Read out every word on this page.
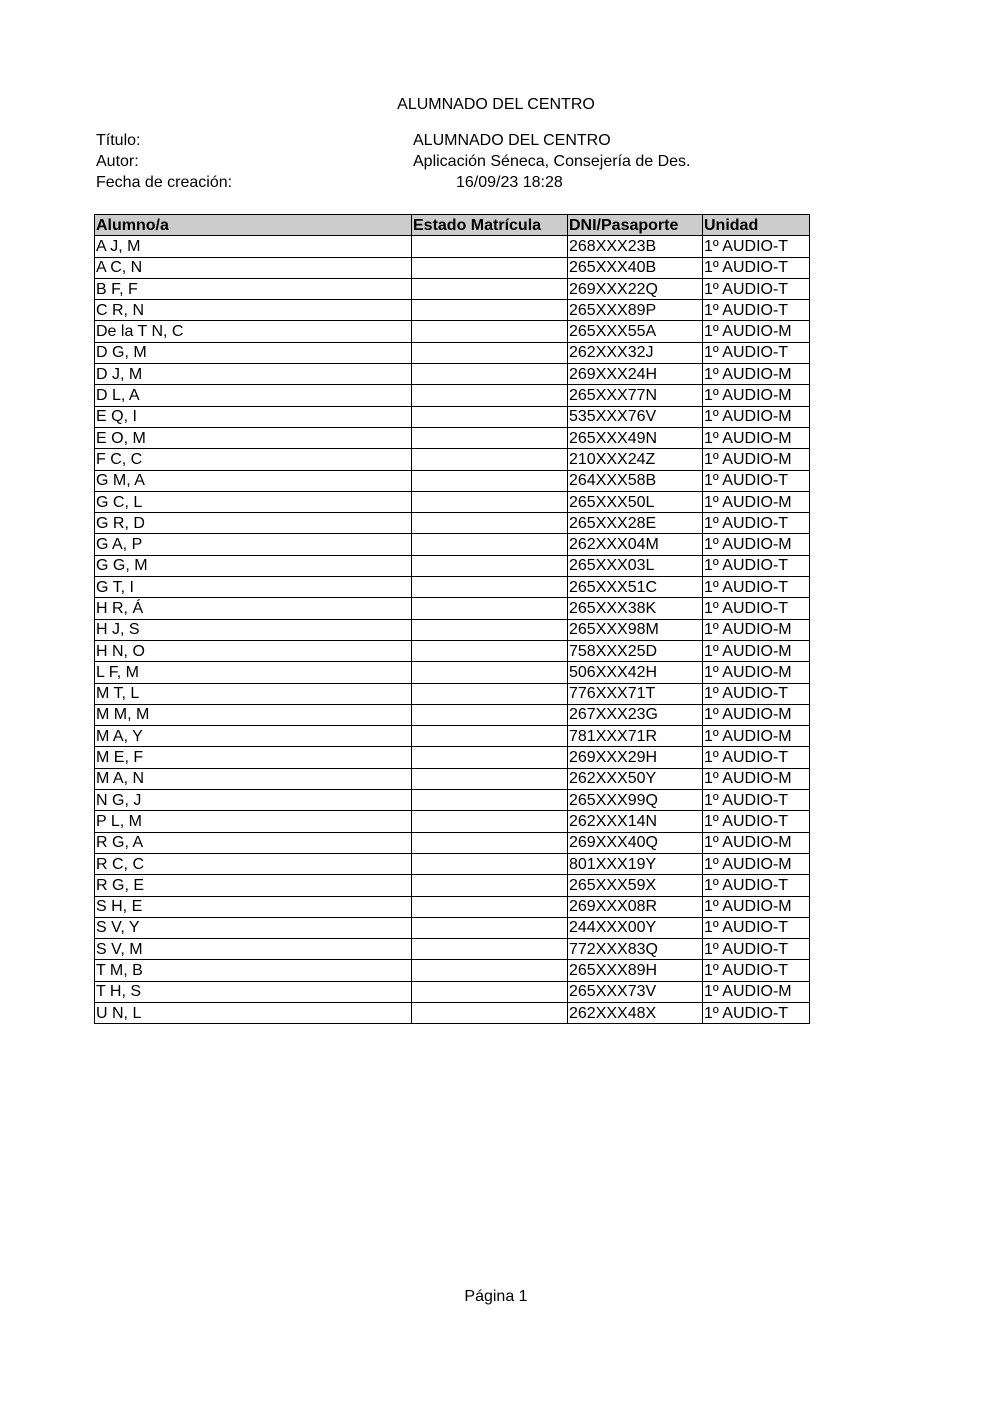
ALUMNADO DEL CENTRO
Título:	ALUMNADO DEL CENTRO
Autor:	Aplicación Séneca, Consejería de Des.
Fecha de creación:	16/09/23 18:28
Alumno/a	Estado Matrícula	DNI/Pasaporte	Unidad
A J, M		268XXX23B	1º AUDIO-T
A C, N		265XXX40B	1º AUDIO-T
B F, F		269XXX22Q	1º AUDIO-T
C R, N		265XXX89P	1º AUDIO-T
De la T N, C		265XXX55A	1º AUDIO-M
D G, M		262XXX32J	1º AUDIO-T
D J, M		269XXX24H	1º AUDIO-M
D L, A		265XXX77N	1º AUDIO-M
E Q, I		535XXX76V	1º AUDIO-M
E O, M		265XXX49N	1º AUDIO-M
F C, C		210XXX24Z	1º AUDIO-M
G M, A		264XXX58B	1º AUDIO-T
G C, L		265XXX50L	1º AUDIO-M
G R, D		265XXX28E	1º AUDIO-T
G A, P		262XXX04M	1º AUDIO-M
G G, M		265XXX03L	1º AUDIO-T
G T, I		265XXX51C	1º AUDIO-T
H R, Á		265XXX38K	1º AUDIO-T
H J, S		265XXX98M	1º AUDIO-M
H N, O		758XXX25D	1º AUDIO-M
L F, M		506XXX42H	1º AUDIO-M
M T, L		776XXX71T	1º AUDIO-T
M M, M		267XXX23G	1º AUDIO-M
M A, Y		781XXX71R	1º AUDIO-M
M E, F		269XXX29H	1º AUDIO-T
M A, N		262XXX50Y	1º AUDIO-M
N G, J		265XXX99Q	1º AUDIO-T
P L, M		262XXX14N	1º AUDIO-T
R G, A		269XXX40Q	1º AUDIO-M
R C, C		801XXX19Y	1º AUDIO-M
R G, E		265XXX59X	1º AUDIO-T
S H, E		269XXX08R	1º AUDIO-M
S V, Y		244XXX00Y	1º AUDIO-T
S V, M		772XXX83Q	1º AUDIO-T
T M, B		265XXX89H	1º AUDIO-T
T H, S		265XXX73V	1º AUDIO-M
U N, L		262XXX48X	1º AUDIO-T
Página 1
